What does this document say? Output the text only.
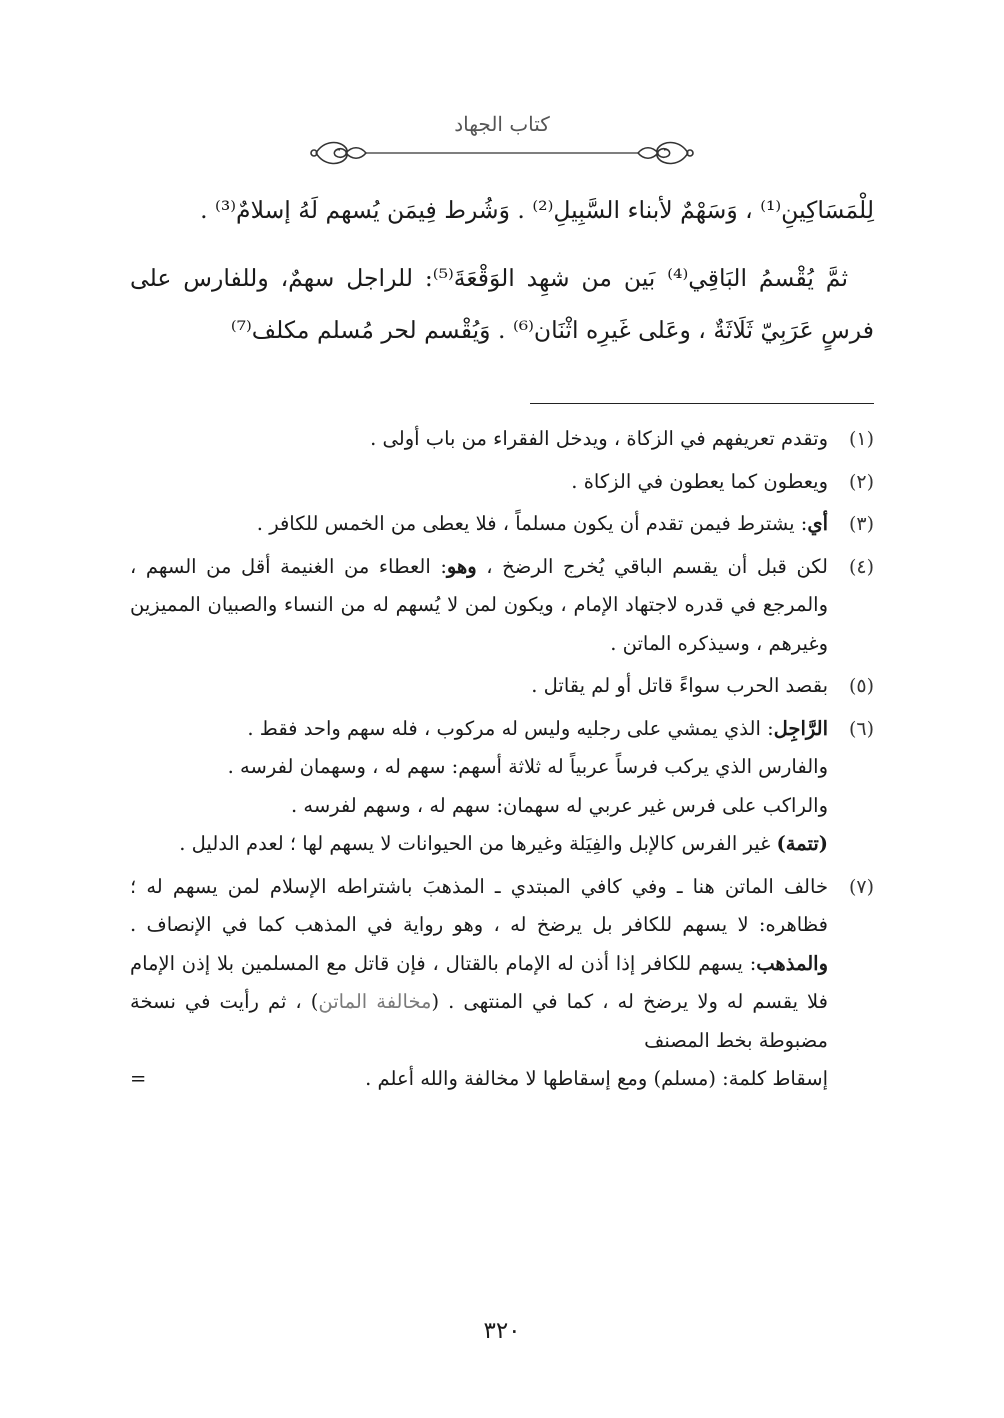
كتاب الجهاد

لِلْمَسَاكِينِ⁽¹⁾ ، وَسَهْمٌ لأبناء السَّبِيلِ⁽²⁾ . وَشُرط فِيمَن يُسهم لَهُ إسلامٌ⁽³⁾ .

ثمَّ يُقْسمُ البَاقِي⁽⁴⁾ بَين من شهِد الوَقْعَةَ⁽⁵⁾: للراجل سهمٌ، وللفارس على فرسٍ عَرَبِيّ ثَلَاثَةٌ ، وعَلى غَيرِه اثْنَان⁽⁶⁾ . وَيُقْسم لحر مُسلم مكلف⁽⁷⁾

(١)
وتقدم تعريفهم في الزكاة ، ويدخل الفقراء من باب أولى .
(٢)
ويعطون كما يعطون في الزكاة .
(٣)
أي: يشترط فيمن تقدم أن يكون مسلماً ، فلا يعطى من الخمس للكافر .
(٤)
لكن قبل أن يقسم الباقي يُخرج الرضخ ، وهو: العطاء من الغنيمة أقل من السهم ، والمرجع في قدره لاجتهاد الإمام ، ويكون لمن لا يُسهم له من النساء والصبيان المميزين وغيرهم ، وسيذكره الماتن .
(٥)
بقصد الحرب سواءً قاتل أو لم يقاتل .
(٦)
الرَّاجِل: الذي يمشي على رجليه وليس له مركوب ، فله سهم واحد فقط .
والفارس الذي يركب فرساً عربياً له ثلاثة أسهم: سهم له ، وسهمان لفرسه .
والراكب على فرس غير عربي له سهمان: سهم له ، وسهم لفرسه .
(تتمة) غير الفرس كالإبل والفِيَلة وغيرها من الحيوانات لا يسهم لها ؛ لعدم الدليل .
(٧)
خالف الماتن هنا ـ وفي كافي المبتدي ـ المذهبَ باشتراطه الإسلام لمن يسهم له ؛ فظاهره: لا يسهم للكافر بل يرضخ له ، وهو رواية في المذهب كما في الإنصاف . والمذهب: يسهم للكافر إذا أذن له الإمام بالقتال ، فإن قاتل مع المسلمين بلا إذن الإمام فلا يقسم له ولا يرضخ له ، كما في المنتهى . (مخالفة الماتن) ، ثم رأيت في نسخة مضبوطة بخط المصنف
إسقاط كلمة: (مسلم) ومع إسقاطها لا مخالفة والله أعلم .
=
٣٢٠
